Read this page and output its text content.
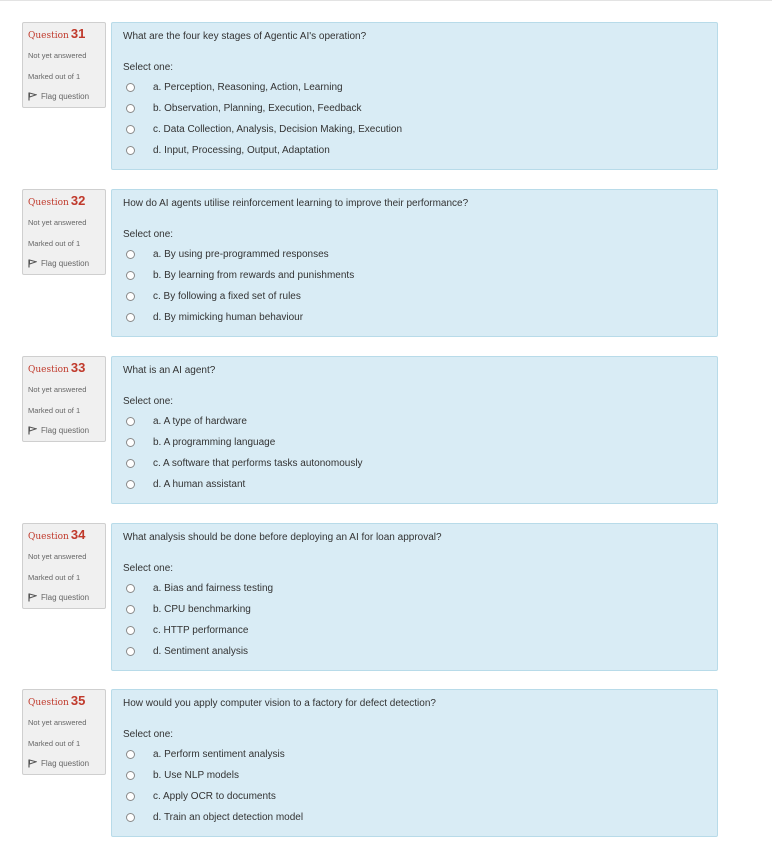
Question 31
Not yet answered
Marked out of 1
Flag question
What are the four key stages of Agentic AI's operation?
Select one:
a. Perception, Reasoning, Action, Learning
b. Observation, Planning, Execution, Feedback
c. Data Collection, Analysis, Decision Making, Execution
d. Input, Processing, Output, Adaptation
Question 32
Not yet answered
Marked out of 1
Flag question
How do AI agents utilise reinforcement learning to improve their performance?
Select one:
a. By using pre-programmed responses
b. By learning from rewards and punishments
c. By following a fixed set of rules
d. By mimicking human behaviour
Question 33
Not yet answered
Marked out of 1
Flag question
What is an AI agent?
Select one:
a. A type of hardware
b. A programming language
c. A software that performs tasks autonomously
d. A human assistant
Question 34
Not yet answered
Marked out of 1
Flag question
What analysis should be done before deploying an AI for loan approval?
Select one:
a. Bias and fairness testing
b. CPU benchmarking
c. HTTP performance
d. Sentiment analysis
Question 35
Not yet answered
Marked out of 1
Flag question
How would you apply computer vision to a factory for defect detection?
Select one:
a. Perform sentiment analysis
b. Use NLP models
c. Apply OCR to documents
d. Train an object detection model
